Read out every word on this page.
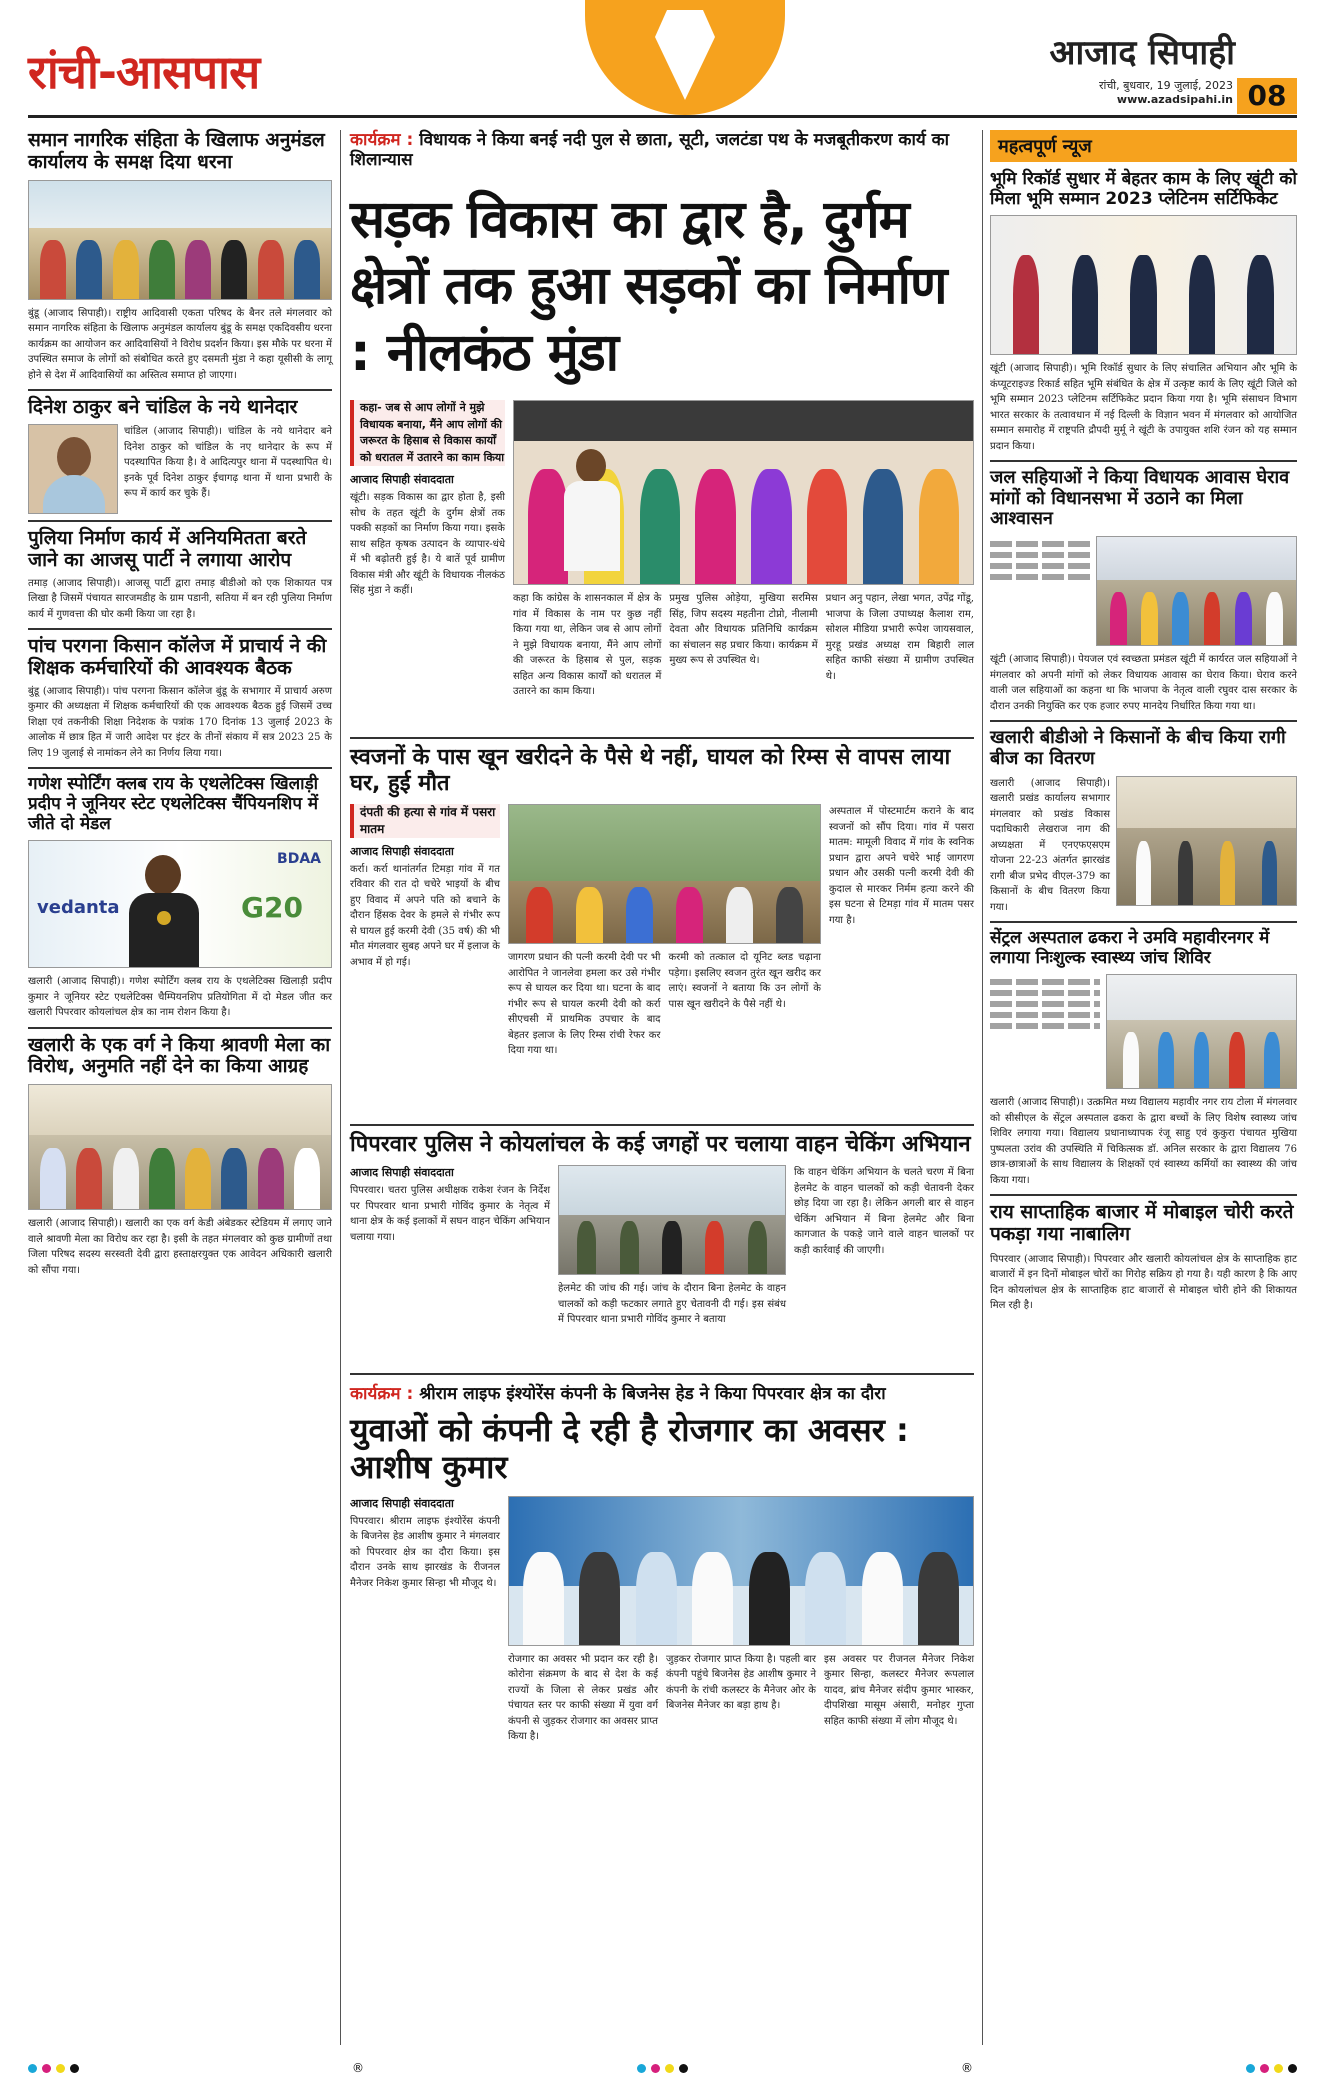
रांची-आसपास	आजाद सिपाही
रांची, बुधवार, 19 जुलाई, 2023
www.azadsipahi.in 08
समान नागरिक संहिता के खिलाफ अनुमंडल कार्यालय के समक्ष दिया धरना
बुंडू (आजाद सिपाही)। राष्ट्रीय आदिवासी एकता परिषद के बैनर तले मंगलवार को समान नागरिक संहिता के खिलाफ अनुमंडल कार्यालय बुंडू के समक्ष एकदिवसीय धरना कार्यक्रम का आयोजन कर आदिवासियों ने विरोध प्रदर्शन किया। इस मौके पर धरना में उपस्थित समाज के लोगों को संबोधित करते हुए दसमती मुंडा ने कहा यूसीसी के लागू होने से देश में आदिवासियों का अस्तित्व समाप्त हो जाएगा।
दिनेश ठाकुर बने चांडिल के नये थानेदार
चांडिल (आजाद सिपाही)। चांडिल के नये थानेदार बने दिनेश ठाकुर को चांडिल के नए थानेदार के रूप में पदस्थापित किया है। वे आदित्यपुर थाना में पदस्थापित थे। इनके पूर्व दिनेश ठाकुर ईचागढ़ थाना में थाना प्रभारी के रूप में कार्य कर चुके हैं।
पुलिया निर्माण कार्य में अनियमितता बरते जाने का आजसू पार्टी ने लगाया आरोप
तमाड़ (आजाद सिपाही)। आजसू पार्टी द्वारा तमाड़ बीडीओ को एक शिकायत पत्र लिखा है जिसमें पंचायत सारजमडीह के ग्राम पडानी, सतिया में बन रही पुलिया निर्माण कार्य में गुणवत्ता की घोर कमी किया जा रहा है।
पांच परगना किसान कॉलेज में प्राचार्य ने की शिक्षक कर्मचारियों की आवश्यक बैठक
बुंडू (आजाद सिपाही)। पांच परगना किसान कॉलेज बुंडू के सभागार में प्राचार्य अरुण कुमार की अध्यक्षता में शिक्षक कर्मचारियों की एक आवश्यक बैठक हुई जिसमें उच्च शिक्षा एवं तकनीकी शिक्षा निदेशक के पत्रांक 170 दिनांक 13 जुलाई 2023 के आलोक में छात्र हित में जारी आदेश पर इंटर के तीनों संकाय में सत्र 2023 25 के लिए 19 जुलाई से नामांकन लेने का निर्णय लिया गया।
गणेश स्पोर्टिंग क्लब राय के एथलेटिक्स खिलाड़ी प्रदीप ने जूनियर स्टेट एथलेटिक्स चैंपियनशिप में जीते दो मेडल
vedanta
BDAA
G20
खलारी (आजाद सिपाही)। गणेश स्पोर्टिंग क्लब राय के एथलेटिक्स खिलाड़ी प्रदीप कुमार ने जूनियर स्टेट एथलेटिक्स चैम्पियनशिप प्रतियोगिता में दो मेडल जीत कर खलारी पिपरवार कोयलांचल क्षेत्र का नाम रोशन किया है।
खलारी के एक वर्ग ने किया श्रावणी मेला का विरोध, अनुमति नहीं देने का किया आग्रह
खलारी (आजाद सिपाही)। खलारी का एक वर्ग केडी अंबेडकर स्टेडियम में लगाए जाने वाले श्रावणी मेला का विरोध कर रहा है। इसी के तहत मंगलवार को कुछ ग्रामीणों तथा जिला परिषद सदस्य सरस्वती देवी द्वारा हस्ताक्षरयुक्त एक आवेदन अधिकारी खलारी को सौंपा गया।
कार्यक्रम : विधायक ने किया बनई नदी पुल से छाता, सूटी, जलटंडा पथ के मजबूतीकरण कार्य का शिलान्यास
सड़क विकास का द्वार है, दुर्गम क्षेत्रों तक हुआ सड़कों का निर्माण : नीलकंठ मुंडा
कहा- जब से आप लोगों ने मुझे विधायक बनाया, मैंने आप लोगों की जरूरत के हिसाब से विकास कार्यों को धरातल में उतारने का काम किया
आजाद सिपाही संवाददाता
खूंटी। सड़क विकास का द्वार होता है, इसी सोच के तहत खूंटी के दुर्गम क्षेत्रों तक पक्की सड़कों का निर्माण किया गया। इसके साथ सहित कृषक उत्पादन के व्यापार-धंधे में भी बढ़ोतरी हुई है। ये बातें पूर्व ग्रामीण विकास मंत्री और खूंटी के विधायक नीलकंठ सिंह मुंडा ने कहीं।
कहा कि कांग्रेस के शासनकाल में क्षेत्र के गांव में विकास के नाम पर कुछ नहीं किया गया था, लेकिन जब से आप लोगों ने मुझे विधायक बनाया, मैंने आप लोगों की जरूरत के हिसाब से पुल, सड़क सहित अन्य विकास कार्यों को धरातल में उतारने का काम किया।
प्रमुख पुलिस ओड़ेया, मुखिया सरमिस सिंह, जिप सदस्य महतीना टोप्नो, नीलामी देवता और विधायक प्रतिनिधि कार्यक्रम का संचालन सह प्रचार किया। कार्यक्रम में मुख्य रूप से उपस्थित थे।
प्रधान अनु पहान, लेखा भगत, उपेंद्र गोंडू, भाजपा के जिला उपाध्यक्ष कैलाश राम, सोशल मीडिया प्रभारी रूपेश जायसवाल, मुरहू प्रखंड अध्यक्ष राम बिहारी लाल सहित काफी संख्या में ग्रामीण उपस्थित थे।
स्वजनों के पास खून खरीदने के पैसे थे नहीं, घायल को रिम्स से वापस लाया घर, हुई मौत
दंपती की हत्या से गांव में पसरा मातम
आजाद सिपाही संवाददाता
कर्रा। कर्रा थानांतर्गत टिमड़ा गांव में गत रविवार की रात दो चचेरे भाइयों के बीच हुए विवाद में अपने पति को बचाने के दौरान हिंसक देवर के हमले से गंभीर रूप से घायल हुई करमी देवी (35 वर्ष) की भी मौत मंगलवार सुबह अपने घर में इलाज के अभाव में हो गई।	जागरण प्रधान की पत्नी करमी देवी पर भी आरोपित ने जानलेवा हमला कर उसे गंभीर रूप से घायल कर दिया था। घटना के बाद गंभीर रूप से घायल करमी देवी को कर्रा सीएचसी में प्राथमिक उपचार के बाद बेहतर इलाज के लिए रिम्स रांची रेफर कर दिया गया था।
करमी को तत्काल दो यूनिट ब्लड चढ़ाना पड़ेगा। इसलिए स्वजन तुरंत खून खरीद कर लाएं। स्वजनों ने बताया कि उन लोगों के पास खून खरीदने के पैसे नहीं थे।
अस्पताल में पोस्टमार्टम कराने के बाद स्वजनों को सौंप दिया। गांव में पसरा मातम: मामूली विवाद में गांव के स्वनिक प्रधान द्वारा अपने चचेरे भाई जागरण प्रधान और उसकी पत्नी करमी देवी की कुदाल से मारकर निर्मम हत्या करने की इस घटना से टिमड़ा गांव में मातम पसर गया है।
पिपरवार पुलिस ने कोयलांचल के कई जगहों पर चलाया वाहन चेकिंग अभियान
आजाद सिपाही संवाददाता
पिपरवार। चतरा पुलिस अधीक्षक राकेश रंजन के निर्देश पर पिपरवार थाना प्रभारी गोविंद कुमार के नेतृत्व में थाना क्षेत्र के कई इलाकों में सघन वाहन चेकिंग अभियान चलाया गया।
हेलमेट की जांच की गई। जांच के दौरान बिना हेलमेट के वाहन चालकों को कड़ी फटकार लगाते हुए चेतावनी दी गई। इस संबंध में पिपरवार थाना प्रभारी गोविंद कुमार ने बताया
कि वाहन चेकिंग अभियान के चलते चरण में बिना हेलमेट के वाहन चालकों को कड़ी चेतावनी देकर छोड़ दिया जा रहा है। लेकिन अगली बार से वाहन चेकिंग अभियान में बिना हेलमेट और बिना कागजात के पकड़े जाने वाले वाहन चालकों पर कड़ी कार्रवाई की जाएगी।
कार्यक्रम : श्रीराम लाइफ इंश्योरेंस कंपनी के बिजनेस हेड ने किया पिपरवार क्षेत्र का दौरा
युवाओं को कंपनी दे रही है रोजगार का अवसर : आशीष कुमार
आजाद सिपाही संवाददाता
पिपरवार। श्रीराम लाइफ इंश्योरेंस कंपनी के बिजनेस हेड आशीष कुमार ने मंगलवार को पिपरवार क्षेत्र का दौरा किया। इस दौरान उनके साथ झारखंड के रीजनल मैनेजर निकेश कुमार सिन्हा भी मौजूद थे।
रोजगार का अवसर भी प्रदान कर रही है। कोरोना संक्रमण के बाद से देश के कई राज्यों के जिला से लेकर प्रखंड और पंचायत स्तर पर काफी संख्या में युवा वर्ग कंपनी से जुड़कर रोजगार का अवसर प्राप्त किया है।
जुड़कर रोजगार प्राप्त किया है। पहली बार कंपनी पहुंचे बिजनेस हेड आशीष कुमार ने कंपनी के रांची कलस्टर के मैनेजर ओर के बिजनेस मैनेजर का बड़ा हाथ है।
इस अवसर पर रीजनल मैनेजर निकेश कुमार सिन्हा, कलस्टर मैनेजर रूपलाल यादव, ब्रांच मैनेजर संदीप कुमार भास्कर, दीपशिखा मासूम अंसारी, मनोहर गुप्ता सहित काफी संख्या में लोग मौजूद थे।
महत्वपूर्ण न्यूज
भूमि रिकॉर्ड सुधार में बेहतर काम के लिए खूंटी को मिला भूमि सम्मान 2023 प्लेटिनम सर्टिफिकेट
खूंटी (आजाद सिपाही)। भूमि रिकॉर्ड सुधार के लिए संचालित अभियान और भूमि के कंप्यूटराइज्ड रिकार्ड सहित भूमि संबंधित के क्षेत्र में उत्कृष्ट कार्य के लिए खूंटी जिले को भूमि सम्मान 2023 प्लेटिनम सर्टिफिकेट प्रदान किया गया है। भूमि संसाधन विभाग भारत सरकार के तत्वावधान में नई दिल्ली के विज्ञान भवन में मंगलवार को आयोजित सम्मान समारोह में राष्ट्रपति द्रौपदी मुर्मू ने खूंटी के उपायुक्त शशि रंजन को यह सम्मान प्रदान किया।
जल सहियाओं ने किया विधायक आवास घेराव मांगों को विधानसभा में उठाने का मिला आश्वासन
खूंटी (आजाद सिपाही)। पेयजल एवं स्वच्छता प्रमंडल खूंटी में कार्यरत जल सहियाओं ने मंगलवार को अपनी मांगों को लेकर विधायक आवास का घेराव किया। घेराव करने वाली जल सहियाओं का कहना था कि भाजपा के नेतृत्व वाली रघुवर दास सरकार के दौरान उनकी नियुक्ति कर एक हजार रुपए मानदेय निर्धारित किया गया था।
खलारी बीडीओ ने किसानों के बीच किया रागी बीज का वितरण
खलारी (आजाद सिपाही)। खलारी प्रखंड कार्यालय सभागार मंगलवार को प्रखंड विकास पदाधिकारी लेखराज नाग की अध्यक्षता में एनएफएसएम योजना 22-23 अंतर्गत झारखंड रागी बीज प्रभेद वीएल-379 का किसानों के बीच वितरण किया गया।
सेंट्रल अस्पताल ढकरा ने उमवि महावीरनगर में लगाया निःशुल्क स्वास्थ्य जांच शिविर
खलारी (आजाद सिपाही)। उत्क्रमित मध्य विद्यालय महावीर नगर राय टोला में मंगलवार को सीसीएल के सेंट्रल अस्पताल ढकरा के द्वारा बच्चों के लिए विशेष स्वास्थ्य जांच शिविर लगाया गया। विद्यालय प्रधानाध्यापक रंजू साहु एवं कुकुरा पंचायत मुखिया पुष्पलता उरांव की उपस्थिति में चिकित्सक डॉ. अनिल सरकार के द्वारा विद्यालय 76 छात्र-छात्राओं के साथ विद्यालय के शिक्षकों एवं स्वास्थ्य कर्मियों का स्वास्थ्य की जांच किया गया।
राय साप्ताहिक बाजार में मोबाइल चोरी करते पकड़ा गया नाबालिग
पिपरवार (आजाद सिपाही)। पिपरवार और खलारी कोयलांचल क्षेत्र के साप्ताहिक हाट बाजारों में इन दिनों मोबाइल चोरों का गिरोह सक्रिय हो गया है। यही कारण है कि आए दिन कोयलांचल क्षेत्र के साप्ताहिक हाट बाजारों से मोबाइल चोरी होने की शिकायत मिल रही है।
®	®
